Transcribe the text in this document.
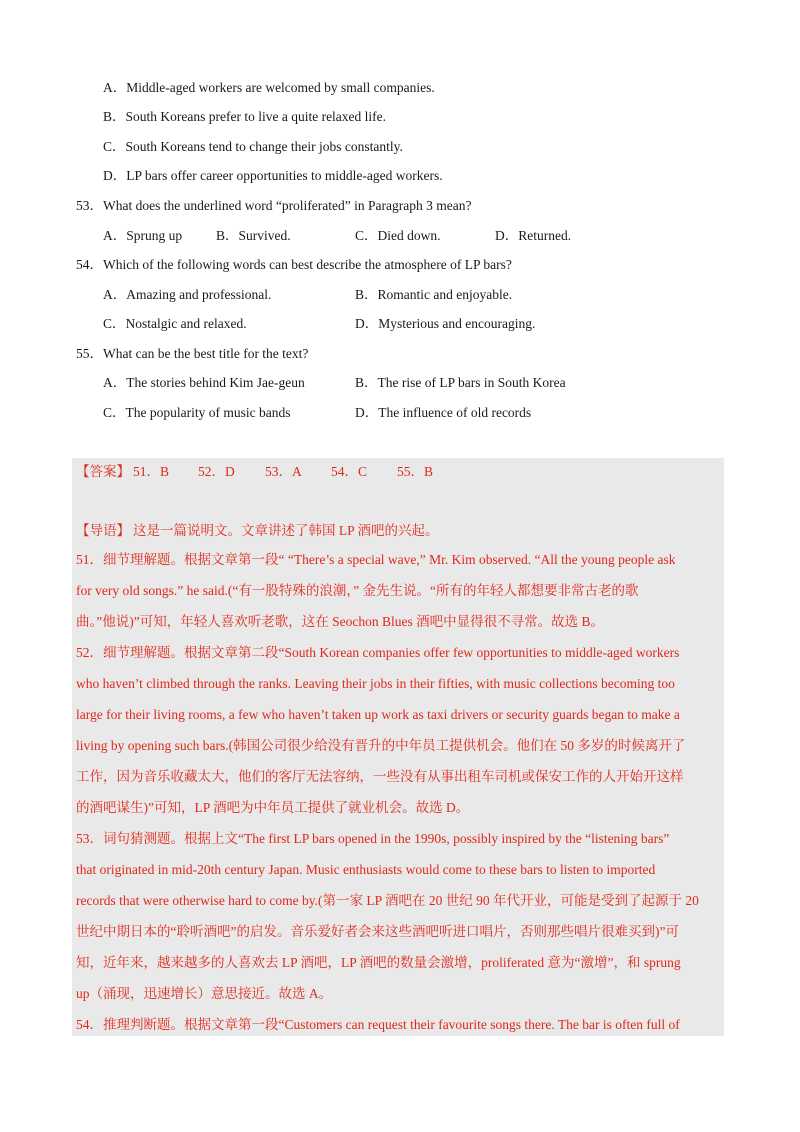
A．Middle-aged workers are welcomed by small companies.
B．South Koreans prefer to live a quite relaxed life.
C．South Koreans tend to change their jobs constantly.
D．LP bars offer career opportunities to middle-aged workers.
53．What does the underlined word “proliferated” in Paragraph 3 mean?
A．Sprung up	B．Survived.	C．Died down.	D．Returned.
54．Which of the following words can best describe the atmosphere of LP bars?
A．Amazing and professional.	B．Romantic and enjoyable.
C．Nostalgic and relaxed.	D．Mysterious and encouraging.
55．What can be the best title for the text?
A．The stories behind Kim Jae-geun	B．The rise of LP bars in South Korea
C．The popularity of music bands	D．The influence of old records
【答案】 51．B 52．D 53．A 54．C 55．B
【导语】 这是一篇说明文。文章讲述了韩国 LP 酒吧的兴起。
51．细节理解题。根据文章第一段“ “There’s a special wave,” Mr. Kim observed. “All the young people ask
for very old songs.” he said.(“有一股特殊的浪潮，” 金先生说。“所有的年轻人都想要非常古老的歌
曲。”他说)”可知，年轻人喜欢听老歌，这在 Seochon Blues 酒吧中显得很不寻常。故选 B。
52．细节理解题。根据文章第二段“South Korean companies offer few opportunities to middle-aged workers
who haven’t climbed through the ranks. Leaving their jobs in their fifties, with music collections becoming too
large for their living rooms, a few who haven’t taken up work as taxi drivers or security guards began to make a
living by opening such bars.(韩国公司很少给没有晋升的中年员工提供机会。他们在 50 多岁的时候离开了
工作，因为音乐收藏太大，他们的客厅无法容纳，一些没有从事出租车司机或保安工作的人开始开这样
的酒吧谋生)”可知，LP 酒吧为中年员工提供了就业机会。故选 D。
53．词句猜测题。根据上文“The first LP bars opened in the 1990s, possibly inspired by the “listening bars”
that originated in mid-20th century Japan. Music enthusiasts would come to these bars to listen to imported
records that were otherwise hard to come by.(第一家 LP 酒吧在 20 世纪 90 年代开业，可能是受到了起源于 20
世纪中期日本的“聆听酒吧”的启发。音乐爱好者会来这些酒吧听进口唱片，否则那些唱片很难买到)”可
知，近年来，越来越多的人喜欢去 LP 酒吧，LP 酒吧的数量会激增，proliferated 意为“激增”，和 sprung
up（涌现，迅速增长）意思接近。故选 A。
54．推理判断题。根据文章第一段“Customers can request their favourite songs there. The bar is often full of
